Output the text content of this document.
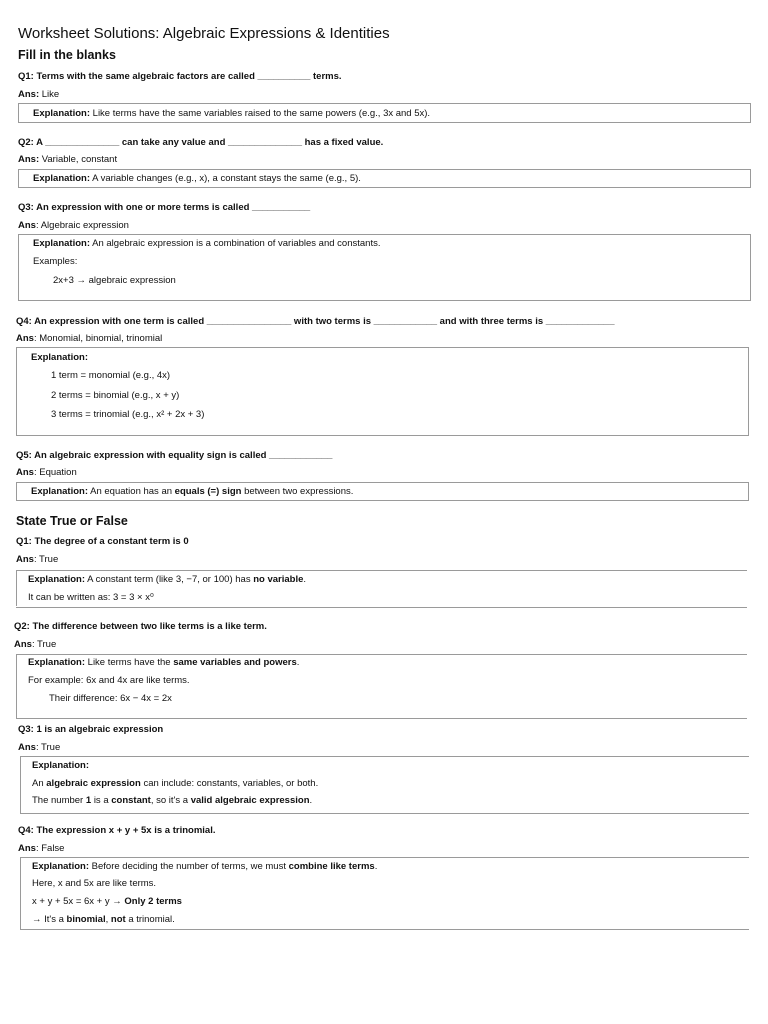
Worksheet Solutions: Algebraic Expressions & Identities
Fill in the blanks
Q1: Terms with the same algebraic factors are called __________ terms.
Ans: Like
Explanation: Like terms have the same variables raised to the same powers (e.g., 3x and 5x).
Q2: A ______________ can take any value and ______________ has a fixed value.
Ans: Variable, constant
Explanation: A variable changes (e.g., x), a constant stays the same (e.g., 5).
Q3: An expression with one or more terms is called ___________
Ans: Algebraic expression
Explanation: An algebraic expression is a combination of variables and constants.
Examples:
2x+3 → algebraic expression
Q4: An expression with one term is called ________________ with two terms is ____________ and with three terms is _____________
Ans: Monomial, binomial, trinomial
Explanation:
1 term = monomial (e.g., 4x)
2 terms = binomial (e.g., x + y)
3 terms = trinomial (e.g., x² + 2x + 3)
Q5: An algebraic expression with equality sign is called ____________
Ans: Equation
Explanation: An equation has an equals (=) sign between two expressions.
State True or False
Q1: The degree of a constant term is 0
Ans: True
Explanation: A constant term (like 3, −7, or 100) has no variable.
It can be written as: 3 = 3 × x⁰
Q2: The difference between two like terms is a like term.
Ans: True
Explanation: Like terms have the same variables and powers.
For example: 6x and 4x are like terms.
Their difference: 6x − 4x = 2x
Q3: 1 is an algebraic expression
Ans: True
Explanation:
An algebraic expression can include: constants, variables, or both.
The number 1 is a constant, so it's a valid algebraic expression.
Q4: The expression x + y + 5x is a trinomial.
Ans: False
Explanation: Before deciding the number of terms, we must combine like terms.
Here, x and 5x are like terms.
x + y + 5x = 6x + y → Only 2 terms
→ It's a binomial, not a trinomial.
